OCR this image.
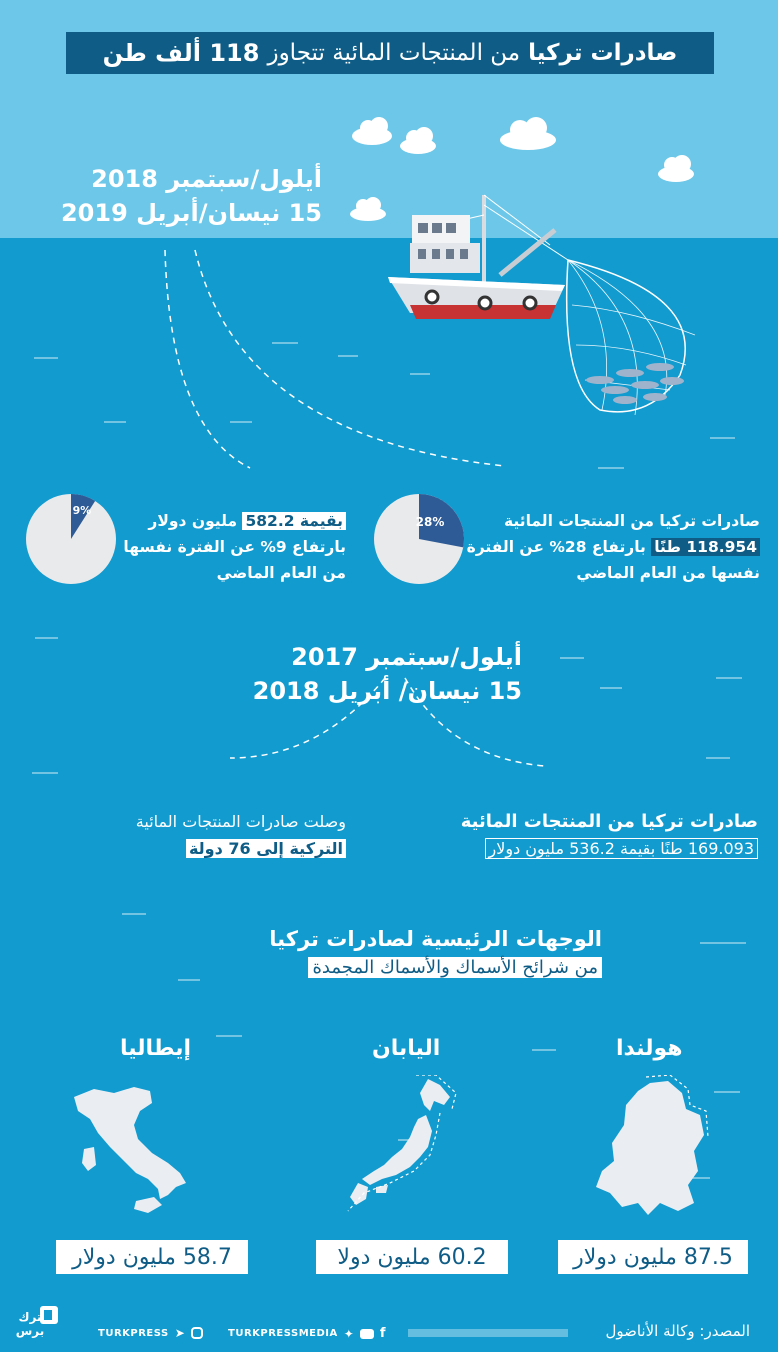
صادرات تركيا

من المنتجات المائية تتجاوز

118 ألف طن
أيلول/سبتمبر 2018
15 نيسان/أبريل 2019
28%
9%
صادرات تركيا من المنتجات المائية
118.954 طنًا بارتفاع 28% عن الفترة
نفسها من العام الماضي
بقيمة 582.2 مليون دولار
بارتفاع 9% عن الفترة نفسها
من العام الماضي
أيلول/سبتمبر 2017
15 نيسان/ أبريل 2018
صادرات تركيا من المنتجات المائية
169.093 طنًا بقيمة 536.2 مليون دولار
وصلت صادرات المنتجات المائية
التركية إلى 76 دولة
الوجهات الرئيسية لصادرات تركيا
من شرائح الأسماك والأسماك المجمدة
هولندا
اليابان
إيطاليا
87.5 مليون دولار
60.2 مليون دولا
58.7 مليون دولار
ترك برس	➤
TURKPRESS	f
✦
TURKPRESSMEDIA	المصدر: وكالة الأناضول
